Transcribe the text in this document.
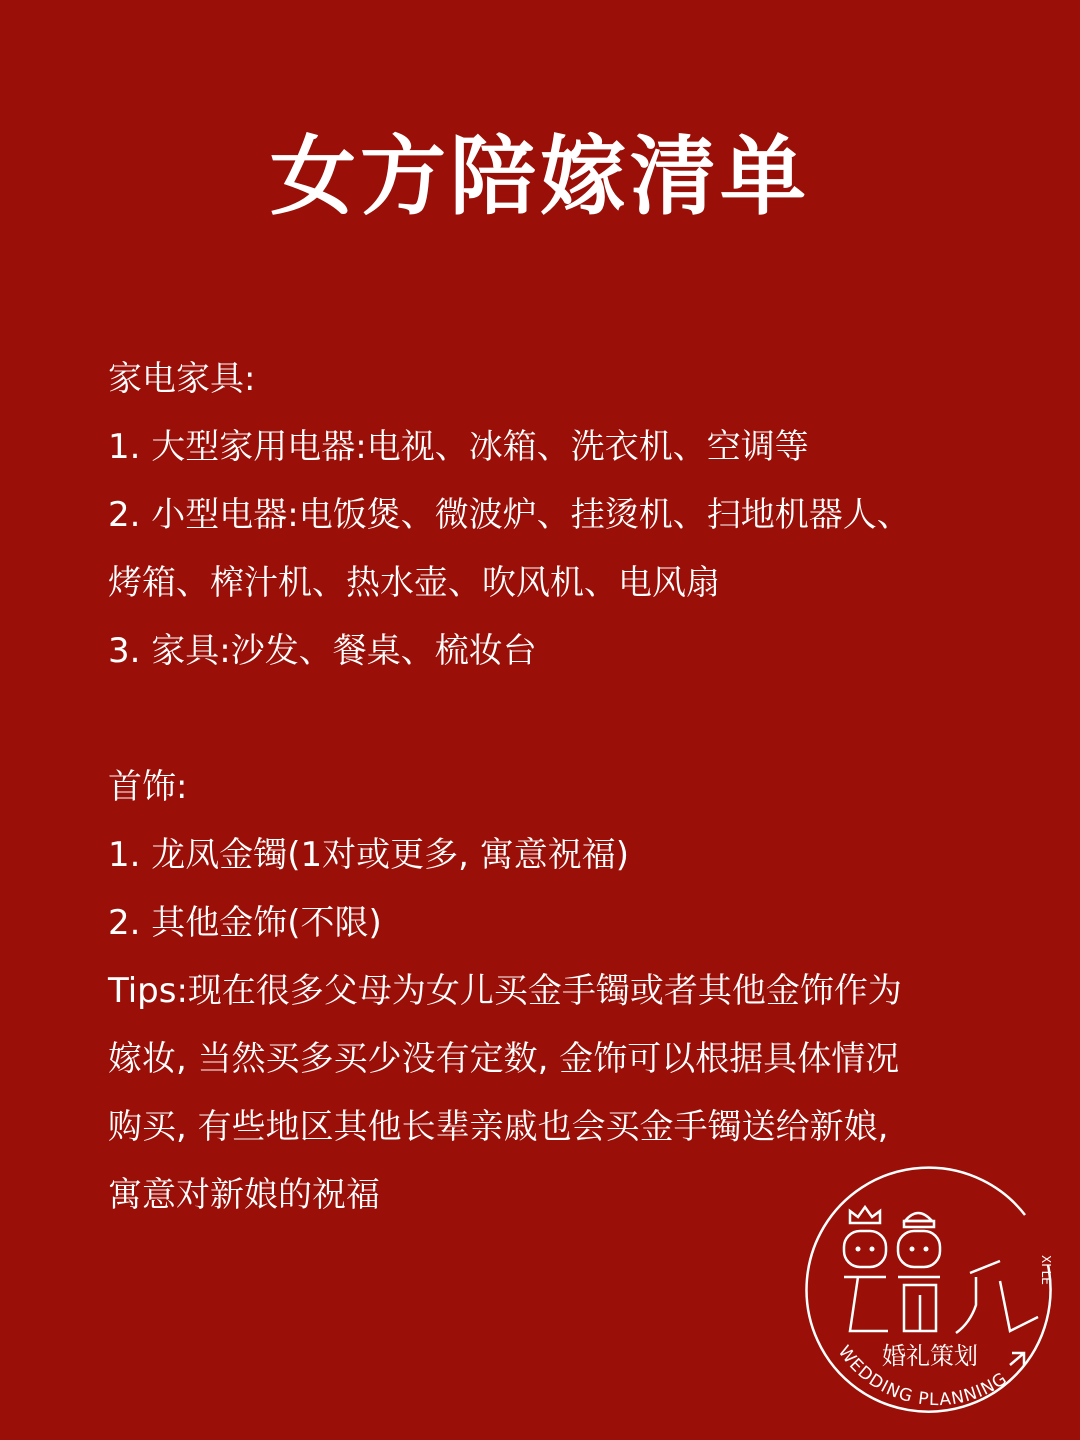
女方陪嫁清单
家电家具:
1. 大型家用电器:电视、冰箱、洗衣机、空调等
2. 小型电器:电饭煲、微波炉、挂烫机、扫地机器人、
烤箱、榨汁机、热水壶、吹风机、电风扇
3. 家具:沙发、餐桌、梳妆台
首饰:
1. 龙凤金镯(1对或更多, 寓意祝福)
2. 其他金饰(不限)
Tips:现在很多父母为女儿买金手镯或者其他金饰作为
嫁妆, 当然买多买少没有定数, 金饰可以根据具体情况
购买, 有些地区其他长辈亲戚也会买金手镯送给新娘,
寓意对新娘的祝福
WEDDING PLANNING
XI LE
婚礼策划
